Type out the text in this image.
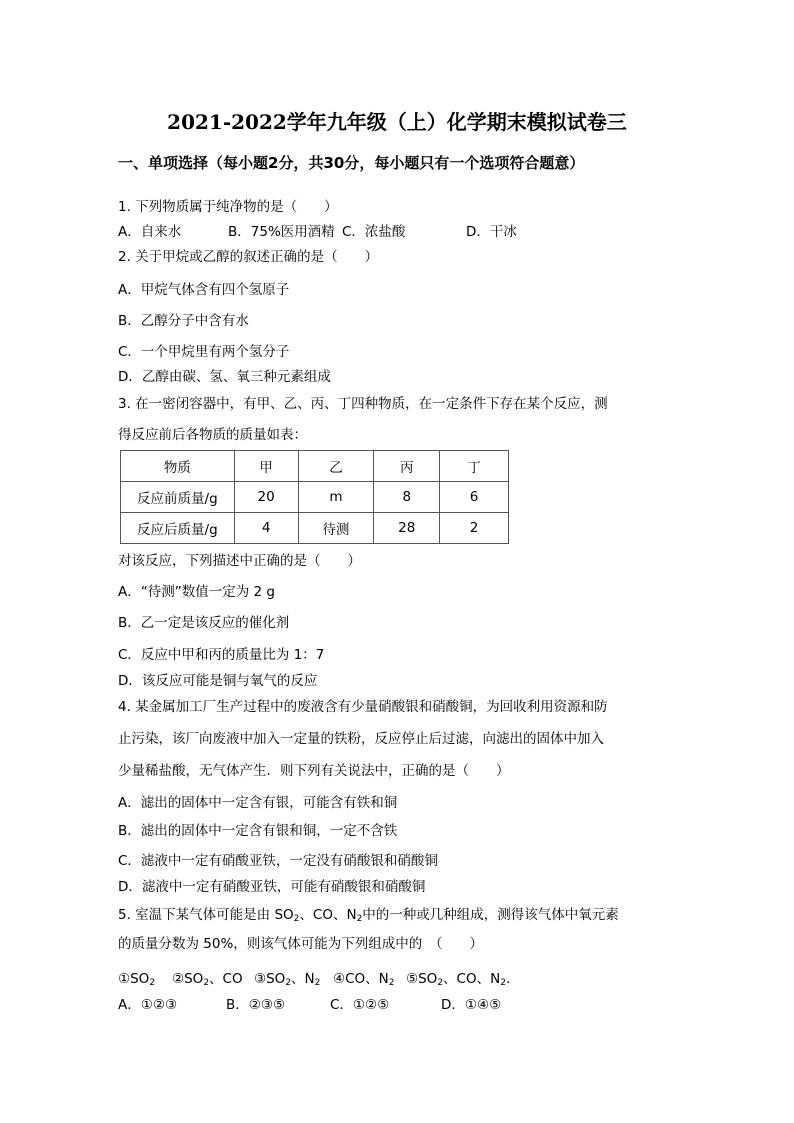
2021-2022学年九年级（上）化学期末模拟试卷三
一、单项选择（每小题2分，共30分，每小题只有一个选项符合题意）
1. 下列物质属于纯净物的是（　　）
A．自来水	B．75%医用酒精 C．浓盐酸	D．干冰
2. 关于甲烷或乙醇的叙述正确的是（　　）
A．甲烷气体含有四个氢原子
B．乙醇分子中含有水
C．一个甲烷里有两个氢分子
D．乙醇由碳、氢、氧三种元素组成
3. 在一密闭容器中，有甲、乙、丙、丁四种物质，在一定条件下存在某个反应，测
得反应前后各物质的质量如表：
物质	甲	乙	丙	丁
反应前质量/g	20	m	8	6
反应后质量/g	4	待测	28	2
对该反应，下列描述中正确的是（　　）
A．“待测”数值一定为 2 g
B．乙一定是该反应的催化剂
C．反应中甲和丙的质量比为 1：7
D．该反应可能是铜与氧气的反应
4. 某金属加工厂生产过程中的废液含有少量硝酸银和硝酸铜，为回收利用资源和防
止污染，该厂向废液中加入一定量的铁粉，反应停止后过滤，向滤出的固体中加入
少量稀盐酸，无气体产生．则下列有关说法中，正确的是（　　）
A．滤出的固体中一定含有银，可能含有铁和铜
B．滤出的固体中一定含有银和铜，一定不含铁
C．滤液中一定有硝酸亚铁，一定没有硝酸银和硝酸铜
D．滤液中一定有硝酸亚铁，可能有硝酸银和硝酸铜
5. 室温下某气体可能是由 $SO_2$、CO、$N_2$中的一种或几种组成，测得该气体中氧元素
的质量分数为 50%，则该气体可能为下列组成中的　（　　）
$①SO_2$ $②SO_2$、CO $③SO_2$、$N_2$ ④CO、$N_2$ $⑤SO_2$、CO、$N_2$.
A．①②③	B．②③⑤	C．①②⑤	D．①④⑤
